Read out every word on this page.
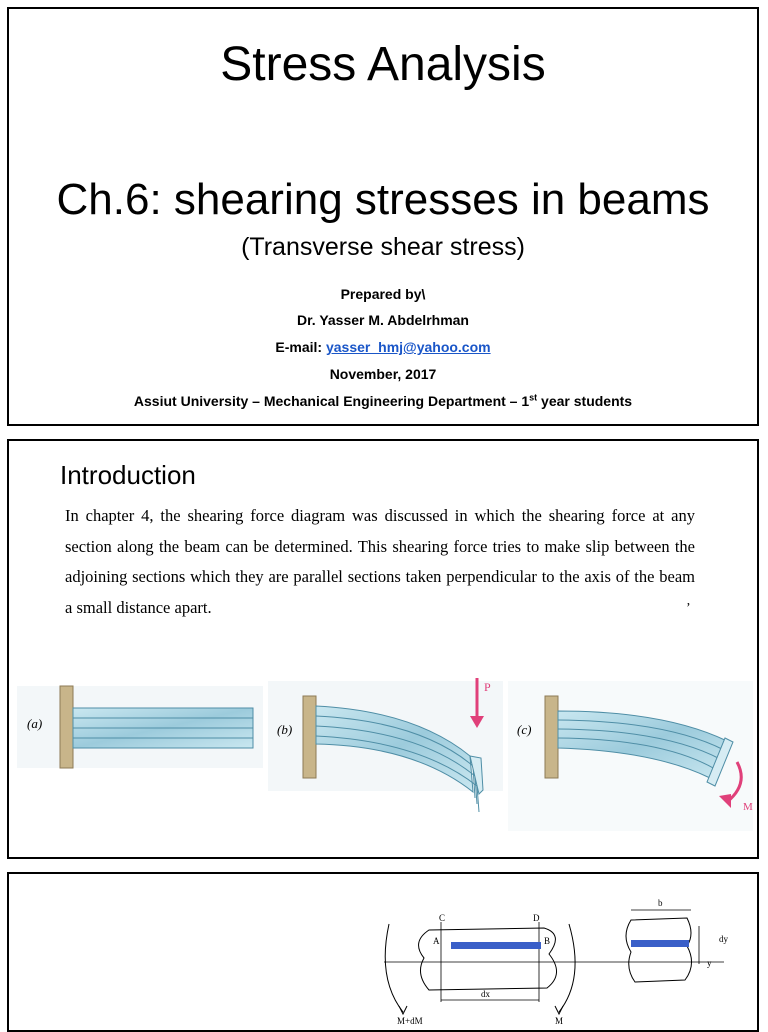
Stress Analysis
Ch.6: shearing stresses in beams
(Transverse shear stress)
Prepared by\
Dr. Yasser M. Abdelrhman
E-mail: yasser_hmj@yahoo.com
November, 2017
Assiut University – Mechanical Engineering Department – 1st year students
Introduction
In chapter 4, the shearing force diagram was discussed in which the shearing force at any section along the beam can be determined. This shearing force tries to make slip between the adjoining sections which they are parallel sections taken perpendicular to the axis of the beam a small distance apart.	’
(a)	(b)
P
(c)
M
C	D
A	B
dx
M+dM	M
b
dy
y
